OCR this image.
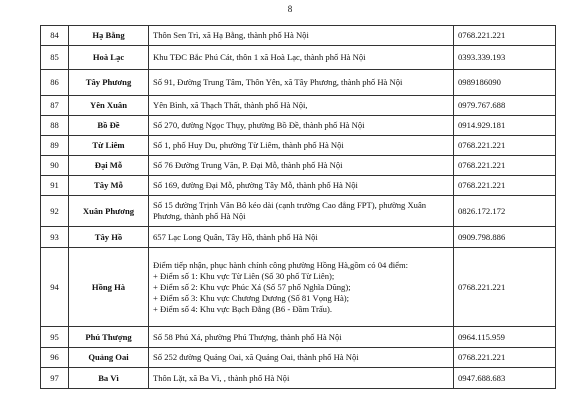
8
84	Hạ Bằng	Thôn Sen Trì, xã Hạ Bằng, thành phố Hà Nội	0768.221.221
85	Hoà Lạc	Khu TĐC Bắc Phú Cát, thôn 1 xã Hoà Lạc, thành phố Hà Nội	0393.339.193
86	Tây Phương	Số 91, Đường Trung Tâm, Thôn Yên, xã Tây Phương, thành phố Hà Nội	0989186090
87	Yên Xuân	Yên Bình, xã Thạch Thất, thành phố Hà Nội,	0979.767.688
88	Bồ Đề	Số 270, đường Ngọc Thụy, phường Bồ Đề, thành phố Hà Nội	0914.929.181
89	Từ Liêm	Số 1, phố Huy Du, phường Từ Liêm, thành phố Hà Nội	0768.221.221
90	Đại Mỗ	Số 76 Đường Trung Văn, P. Đại Mỗ, thành phố Hà Nội	0768.221.221
91	Tây Mỗ	Số 169, đường Đại Mỗ, phường Tây Mỗ, thành phố Hà Nội	0768.221.221
92	Xuân Phương	Số 15 đường Trịnh Văn Bô kéo dài (cạnh trường Cao đẳng FPT), phường Xuân
Phương, thành phố Hà Nội	0826.172.172
93	Tây Hồ	657 Lạc Long Quân, Tây Hồ, thành phố Hà Nội	0909.798.886
94	Hồng Hà	Điểm tiếp nhận, phục hành chính công phường Hồng Hà,gồm có 04 điểm:
+ Điểm số 1: Khu vực Từ Liên (Số 30 phố Từ Liên);
+ Điểm số 2: Khu vực Phúc Xá (Số 57 phố Nghĩa Dũng);
+ Điểm số 3: Khu vực Chương Dương (Số 81 Vọng Hà);
+ Điểm số 4: Khu vực Bạch Đằng (B6 - Đầm Trấu).	0768.221.221
95	Phú Thượng	Số 58 Phú Xá, phường Phú Thượng, thành phố Hà Nội	0964.115.959
96	Quảng Oai	Số 252 đường Quảng Oai, xã Quảng Oai, thành phố Hà Nội	0768.221.221
97	Ba Vì	Thôn Lặt, xã Ba Vì, , thành phố Hà Nội	0947.688.683
